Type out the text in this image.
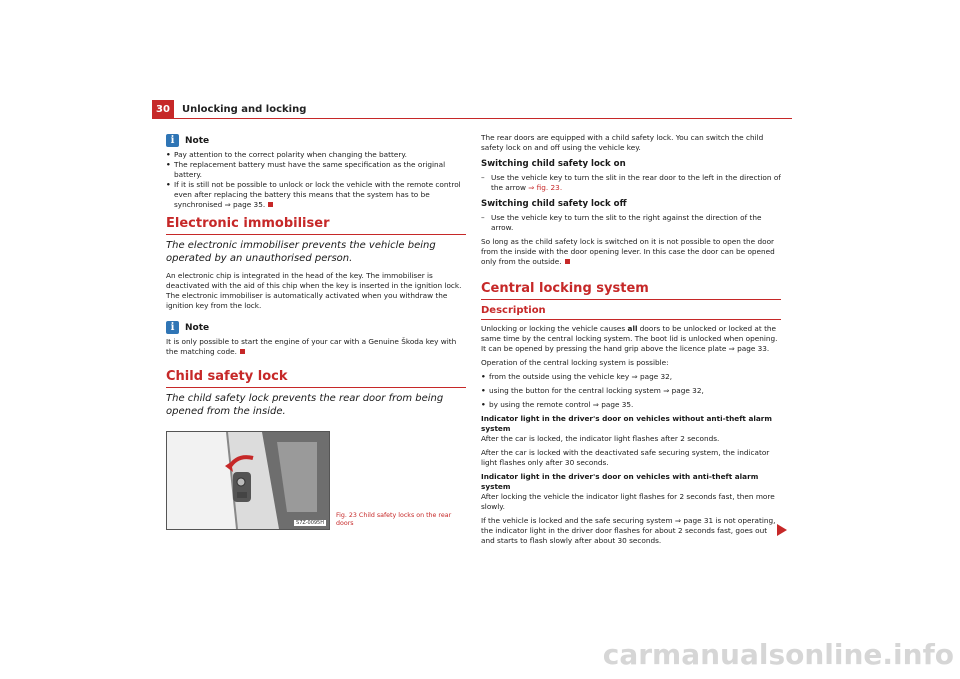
30	Unlocking and locking
i	Note

• Pay attention to the correct polarity when changing the battery.

• The replacement battery must have the same specification as the original battery.

• If it is still not be possible to unlock or lock the vehicle with the remote control even after replacing the battery this means that the system has to be synchronised ⇒ page 35.

Electronic immobiliser

The electronic immobiliser prevents the vehicle being operated by an unauthorised person.

An electronic chip is integrated in the head of the key. The immobiliser is deactivated with the aid of this chip when the key is inserted in the ignition lock. The electronic immobiliser is automatically activated when you withdraw the ignition key from the lock.

i	Note

It is only possible to start the engine of your car with a Genuine Škoda key with the matching code.

Child safety lock

The child safety lock prevents the rear door from being opened from the inside.

S7Z-0095H
Fig. 23 Child safety locks on the rear doors

The rear doors are equipped with a child safety lock. You can switch the child safety lock on and off using the vehicle key.

Switching child safety lock on

– Use the vehicle key to turn the slit in the rear door to the left in the direction of the arrow ⇒ fig. 23.

Switching child safety lock off

– Use the vehicle key to turn the slit to the right against the direction of the arrow.

So long as the child safety lock is switched on it is not possible to open the door from the inside with the door opening lever. In this case the door can be opened only from the outside.

Central locking system
Description

Unlocking or locking the vehicle causes all doors to be unlocked or locked at the same time by the central locking system. The boot lid is unlocked when opening. It can be opened by pressing the hand grip above the licence plate ⇒ page 33.

Operation of the central locking system is possible:

• from the outside using the vehicle key ⇒ page 32,

• using the button for the central locking system ⇒ page 32,

• by using the remote control ⇒ page 35.

Indicator light in the driver's door on vehicles without anti-theft alarm system

After the car is locked, the indicator light flashes after 2 seconds.

After the car is locked with the deactivated safe securing system, the indicator light flashes only after 30 seconds.

Indicator light in the driver's door on vehicles with anti-theft alarm system

After locking the vehicle the indicator light flashes for 2 seconds fast, then more slowly.

If the vehicle is locked and the safe securing system ⇒ page 31 is not operating, the indicator light in the driver door flashes for about 2 seconds fast, goes out and starts to flash slowly after about 30 seconds.

carmanualsonline.info
